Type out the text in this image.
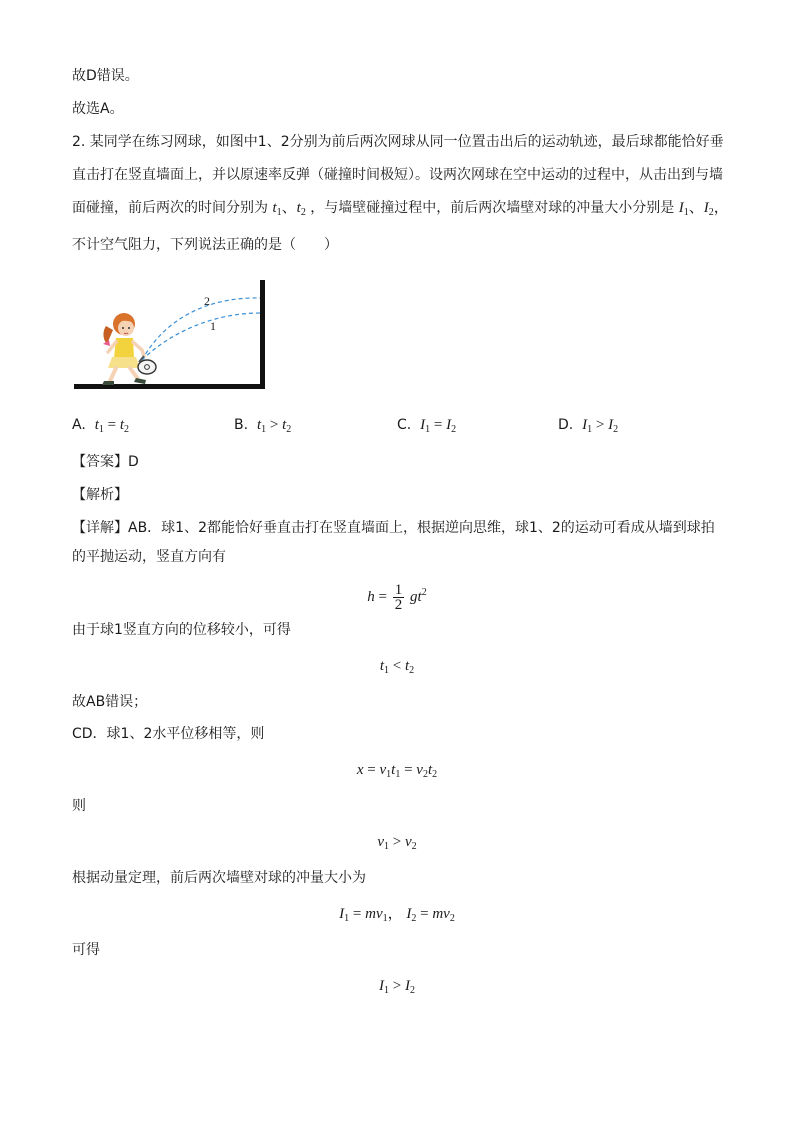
故D错误。
故选A。
2. 某同学在练习网球，如图中1、2分别为前后两次网球从同一位置击出后的运动轨迹，最后球都能恰好垂
直击打在竖直墙面上，并以原速率反弹（碰撞时间极短）。设两次网球在空中运动的过程中，从击出到与墙
面碰撞，前后两次的时间分别为 $t_1$、$t_2$ ，与墙壁碰撞过程中，前后两次墙壁对球的冲量大小分别是 $I_1$、$I_2$，
不计空气阻力，下列说法正确的是（　　）
2
1
A. $t_1 = t_2$	B. $t_1 > t_2$	C. $I_1 = I_2$	D. $I_1 > I_2$
【答案】D
【解析】
【详解】AB．球1、2都能恰好垂直击打在竖直墙面上，根据逆向思维，球1、2的运动可看成从墙到球拍
的平抛运动，竖直方向有
$h = \frac{1}{2} gt^2$
由于球1竖直方向的位移较小，可得
$t_1 < t_2$
故AB错误；
CD．球1、2水平位移相等，则
$x = v_1t_1 = v_2t_2$
则
$v_1 > v_2$
根据动量定理，前后两次墙壁对球的冲量大小为
$I_1 = mv_1$， $I_2 = mv_2$
可得
$I_1 > I_2$
